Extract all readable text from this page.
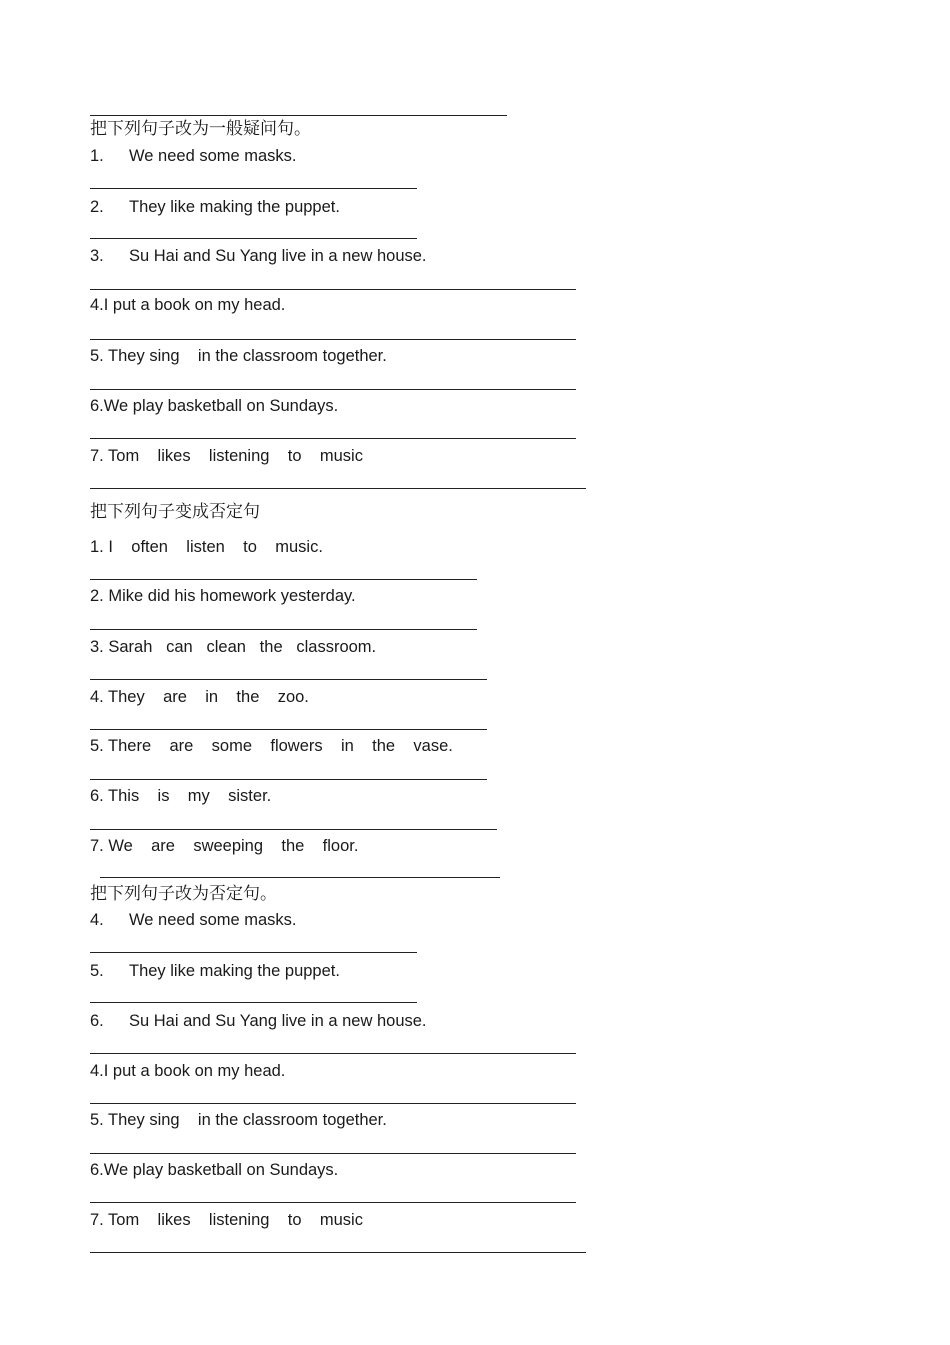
把下列句子改为一般疑问句。
1. We need some masks.
2. They like making the puppet.
3. Su Hai and Su Yang live in a new house.
4.I put a book on my head.
5. They sing    in the classroom together.
6.We play basketball on Sundays.
7. Tom    likes    listening    to    music
把下列句子变成否定句
1. I    often    listen    to    music.
2. Mike did his homework yesterday.
3. Sarah   can   clean   the   classroom.
4. They    are    in    the    zoo.
5. There    are    some    flowers    in    the    vase.
6. This    is    my    sister.
7. We    are    sweeping    the    floor.
把下列句子改为否定句。
4. We need some masks.
5. They like making the puppet.
6. Su Hai and Su Yang live in a new house.
4.I put a book on my head.
5. They sing    in the classroom together.
6.We play basketball on Sundays.
7. Tom    likes    listening    to    music
